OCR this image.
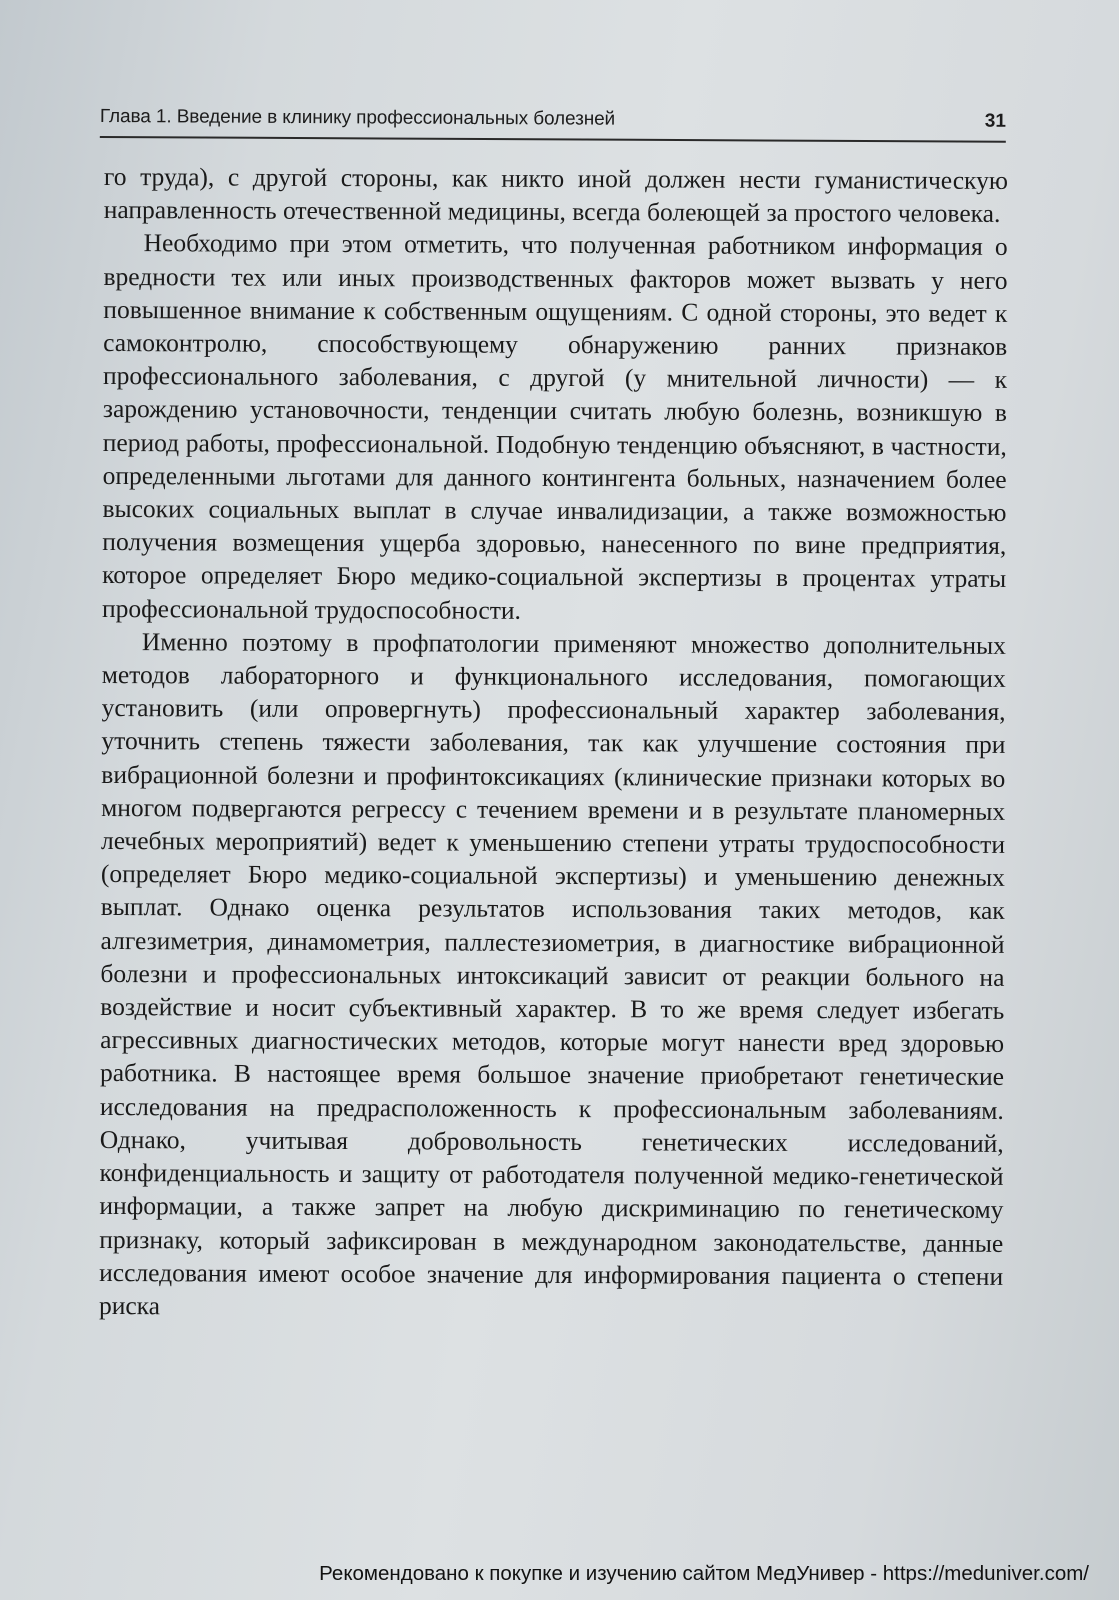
Глава 1. Введение в клинику профессиональных болезней	31

го труда), с другой стороны, как никто иной должен нести гуманистическую направленность отечественной медицины, всегда болеющей за простого человека.

Необходимо при этом отметить, что полученная работником информация о вредности тех или иных производственных факторов может вызвать у него повышенное внимание к собственным ощущениям. С одной стороны, это ведет к самоконтролю, способствующему обнаружению ранних признаков профессионального заболевания, с другой (у мнительной личности) — к зарождению установочности, тенденции считать любую болезнь, возникшую в период работы, профессиональной. Подобную тенденцию объясняют, в частности, определенными льготами для данного контингента больных, назначением более высоких социальных выплат в случае инвалидизации, а также возможностью получения возмещения ущерба здоровью, нанесенного по вине предприятия, которое определяет Бюро медико-социальной экспертизы в процентах утраты профессиональной трудоспособности.

Именно поэтому в профпатологии применяют множество дополнительных методов лабораторного и функционального исследования, помогающих установить (или опровергнуть) профессиональный характер заболевания, уточнить степень тяжести заболевания, так как улучшение состояния при вибрационной болезни и профинтоксикациях (клинические признаки которых во многом подвергаются регрессу с течением времени и в результате планомерных лечебных мероприятий) ведет к уменьшению степени утраты трудоспособности (определяет Бюро медико-социальной экспертизы) и уменьшению денежных выплат. Однако оценка результатов использования таких методов, как алгезиметрия, динамометрия, паллестезиометрия, в диагностике вибрационной болезни и профессиональных интоксикаций зависит от реакции больного на воздействие и носит субъективный характер. В то же время следует избегать агрессивных диагностических методов, которые могут нанести вред здоровью работника. В настоящее время большое значение приобретают генетические исследования на предрасположенность к профессиональным заболеваниям. Однако, учитывая добровольность генетических исследований, конфиденциальность и защиту от работодателя полученной медико-генетической информации, а также запрет на любую дискриминацию по генетическому признаку, который зафиксирован в международном законодательстве, данные исследования имеют особое значение для информирования пациента о степени риска

Рекомендовано к покупке и изучению сайтом МедУнивер - https://meduniver.com/
